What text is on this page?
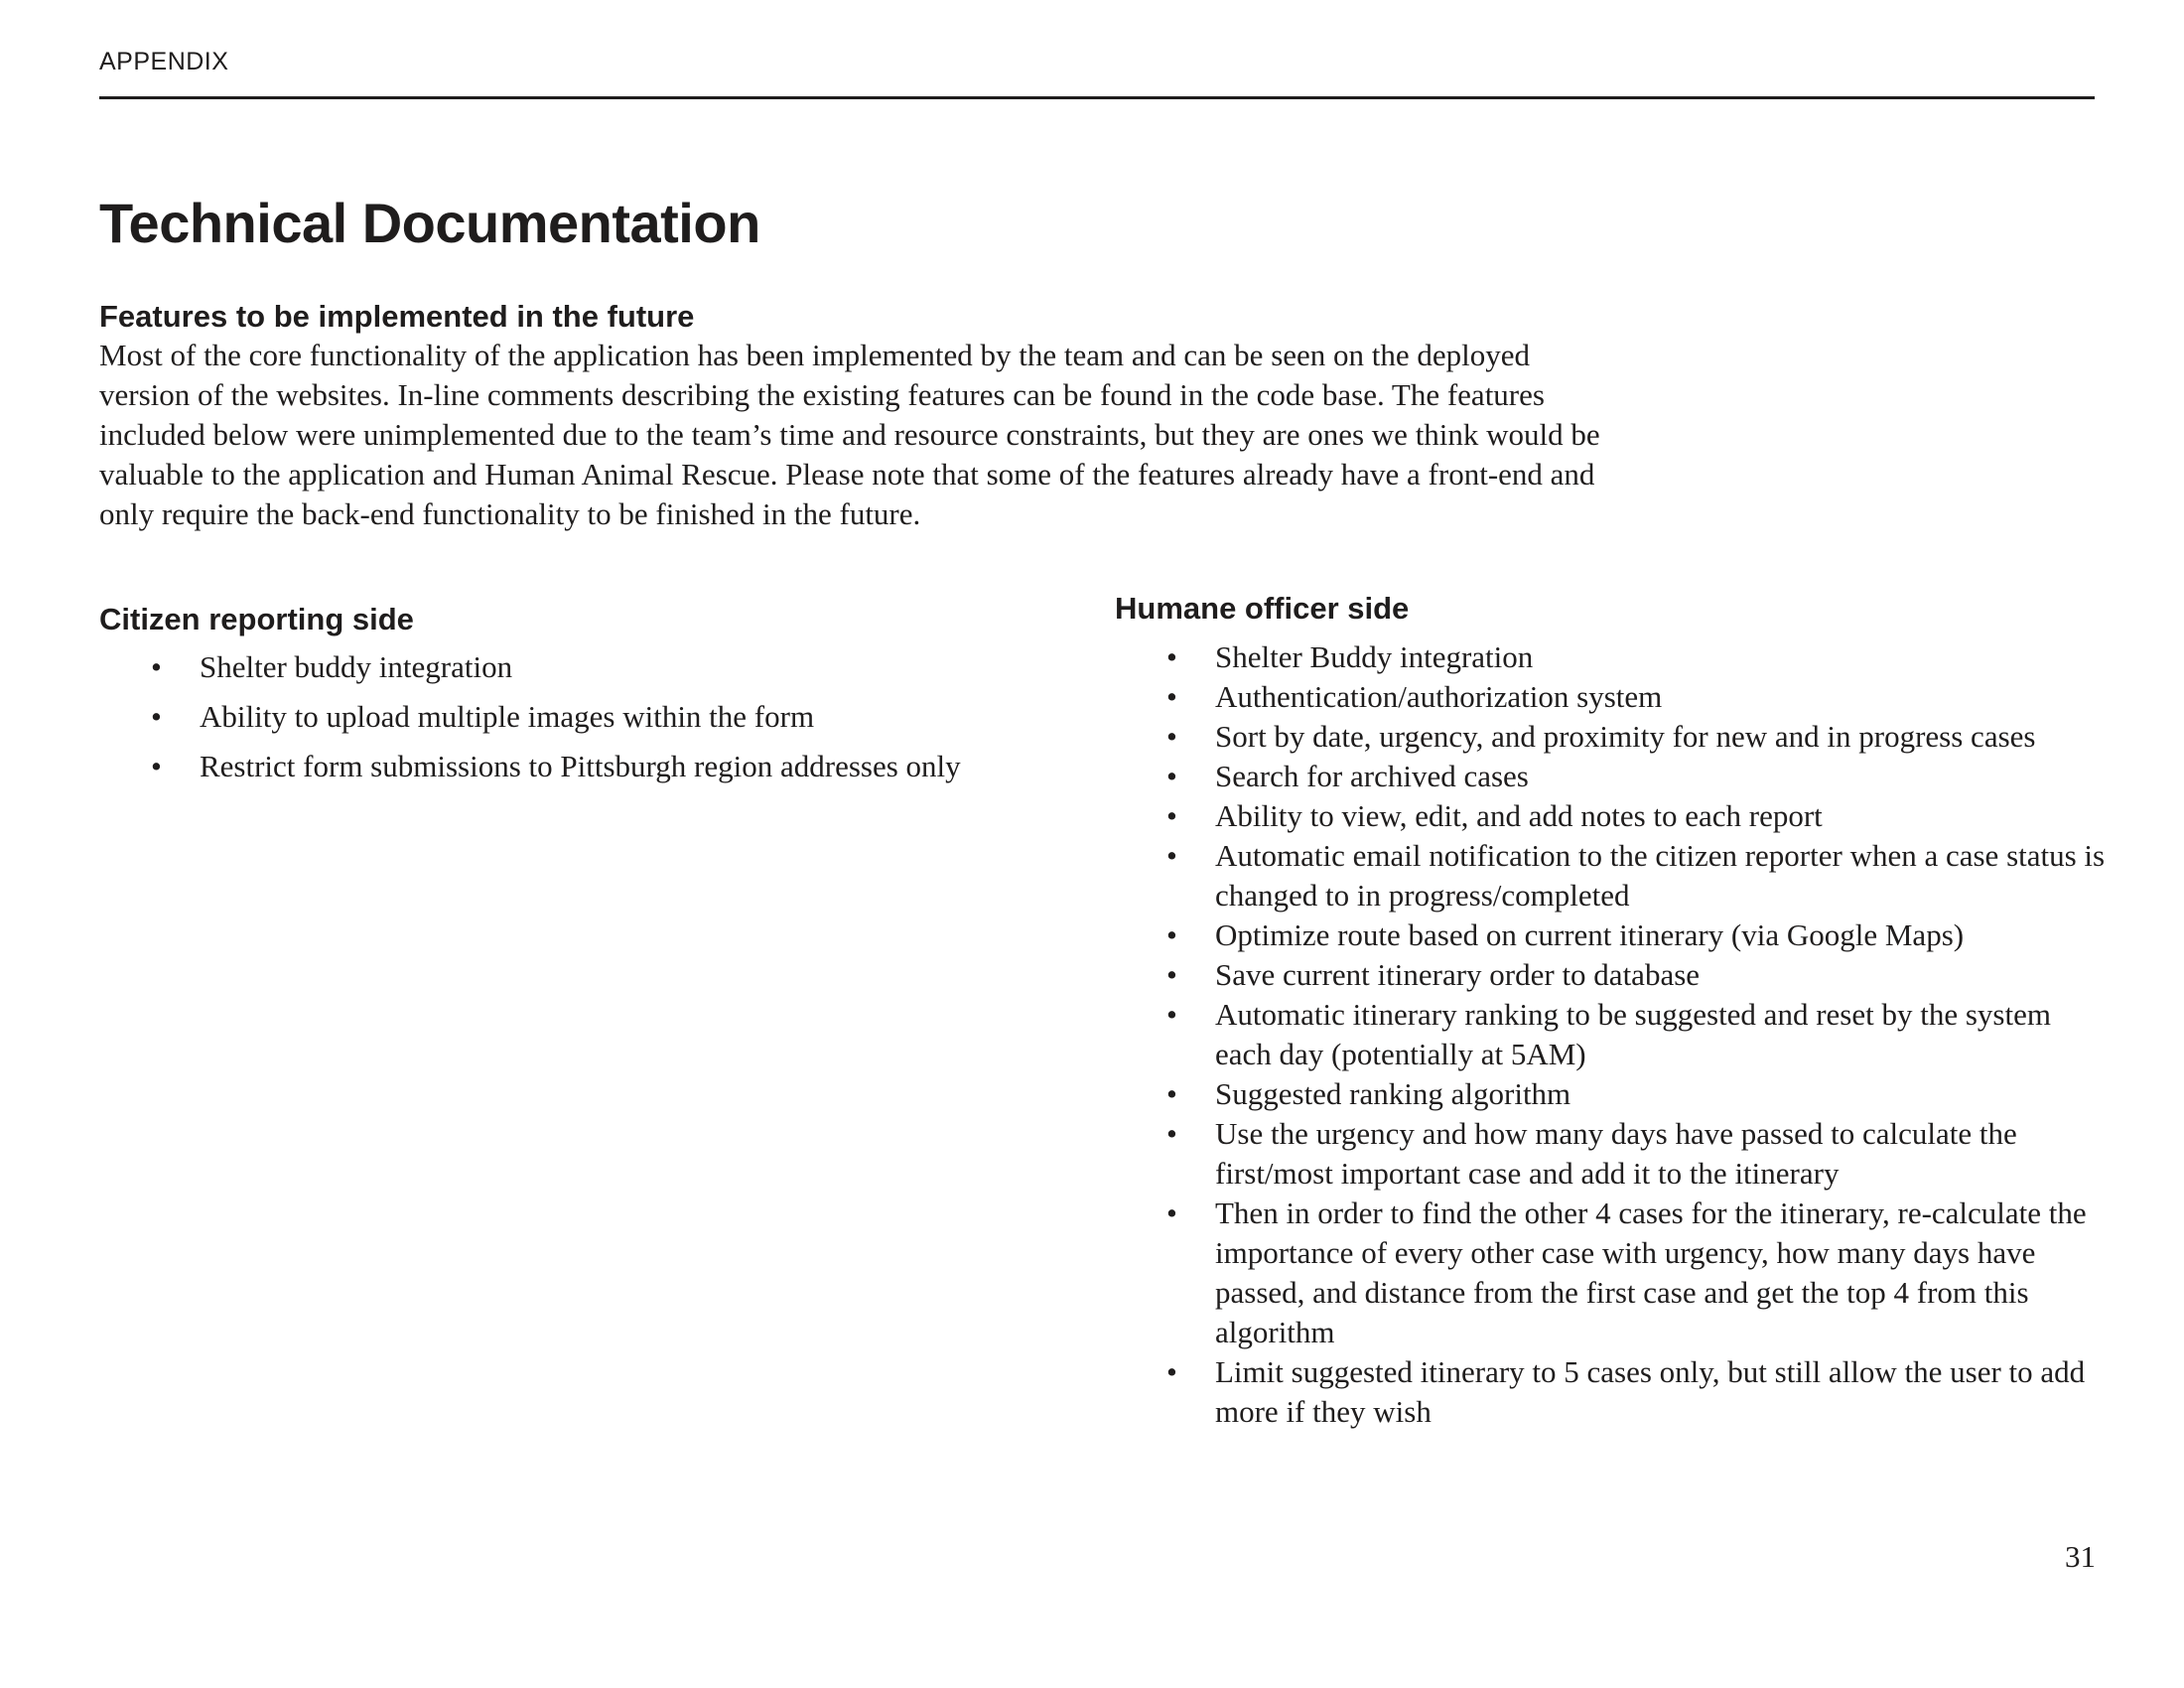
APPENDIX
Technical Documentation
Features to be implemented in the future

Most of the core functionality of the application has been implemented by the team and can be seen on the deployed version of the websites. In-line comments describing the existing features can be found in the code base. The features included below were unimplemented due to the team’s time and resource constraints, but they are ones we think would be valuable to the application and Human Animal Rescue. Please note that some of the features already have a front-end and only require the back-end functionality to be finished in the future.

Citizen reporting side
• Shelter buddy integration
• Ability to upload multiple images within the form
• Restrict form submissions to Pittsburgh region addresses only
Humane officer side
• Shelter Buddy integration
• Authentication/authorization system
• Sort by date, urgency, and proximity for new and in progress cases
• Search for archived cases
• Ability to view, edit, and add notes to each report
• Automatic email notification to the citizen reporter when a case status is changed to in progress/completed
• Optimize route based on current itinerary (via Google Maps)
• Save current itinerary order to database
• Automatic itinerary ranking to be suggested and reset by the system each day (potentially at 5AM)
• Suggested ranking algorithm
• Use the urgency and how many days have passed to calculate the first/most important case and add it to the itinerary
• Then in order to find the other 4 cases for the itinerary, re-calculate the importance of every other case with urgency, how many days have passed, and distance from the first case and get the top 4 from this algorithm
• Limit suggested itinerary to 5 cases only, but still allow the user to add more if they wish
31
